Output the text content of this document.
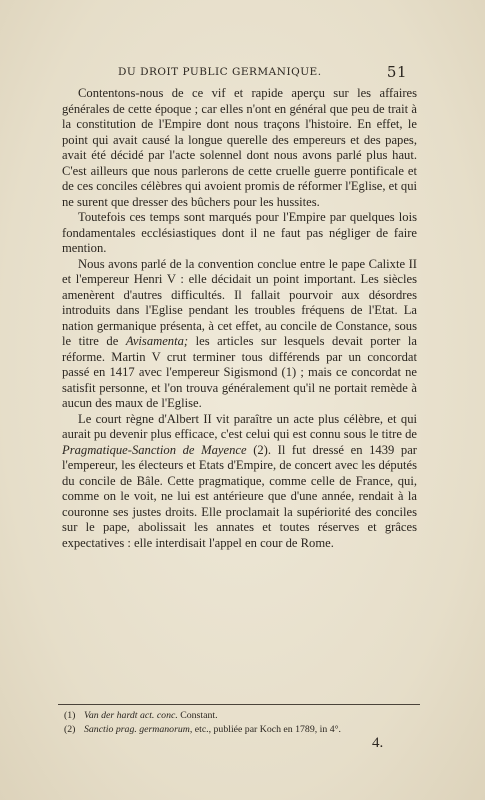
DU DROIT PUBLIC GERMANIQUE.	51

Contentons-nous de ce vif et rapide aperçu sur les affaires générales de cette époque ; car elles n'ont en général que peu de trait à la constitution de l'Empire dont nous traçons l'histoire. En effet, le point qui avait causé la longue querelle des empereurs et des papes, avait été décidé par l'acte solennel dont nous avons parlé plus haut. C'est ailleurs que nous parlerons de cette cruelle guerre pontificale et de ces conciles célèbres qui avoient promis de réformer l'Eglise, et qui ne surent que dresser des bûchers pour les hussites.

Toutefois ces temps sont marqués pour l'Empire par quelques lois fondamentales ecclésiastiques dont il ne faut pas négliger de faire mention.

Nous avons parlé de la convention conclue entre le pape Calixte II et l'empereur Henri V : elle décidait un point important. Les siècles amenèrent d'autres difficultés. Il fallait pourvoir aux désordres introduits dans l'Eglise pendant les troubles fréquens de l'Etat. La nation germanique présenta, à cet effet, au concile de Constance, sous le titre de Avisamenta; les articles sur lesquels devait porter la réforme. Martin V crut terminer tous différends par un concordat passé en 1417 avec l'empereur Sigismond (1) ; mais ce concordat ne satisfit personne, et l'on trouva généralement qu'il ne portait remède à aucun des maux de l'Eglise.

Le court règne d'Albert II vit paraître un acte plus célèbre, et qui aurait pu devenir plus efficace, c'est celui qui est connu sous le titre de Pragmatique-Sanction de Mayence (2). Il fut dressé en 1439 par l'empereur, les électeurs et Etats d'Empire, de concert avec les députés du concile de Bâle. Cette pragmatique, comme celle de France, qui, comme on le voit, ne lui est antérieure que d'une année, rendait à la couronne ses justes droits. Elle proclamait la supériorité des conciles sur le pape, abolissait les annates et toutes réserves et grâces expectatives : elle interdisait l'appel en cour de Rome.

(1) Van der hardt act. conc. Constant.
(2) Sanctio prag. germanorum, etc., publiée par Koch en 1789, in 4°.
4.
